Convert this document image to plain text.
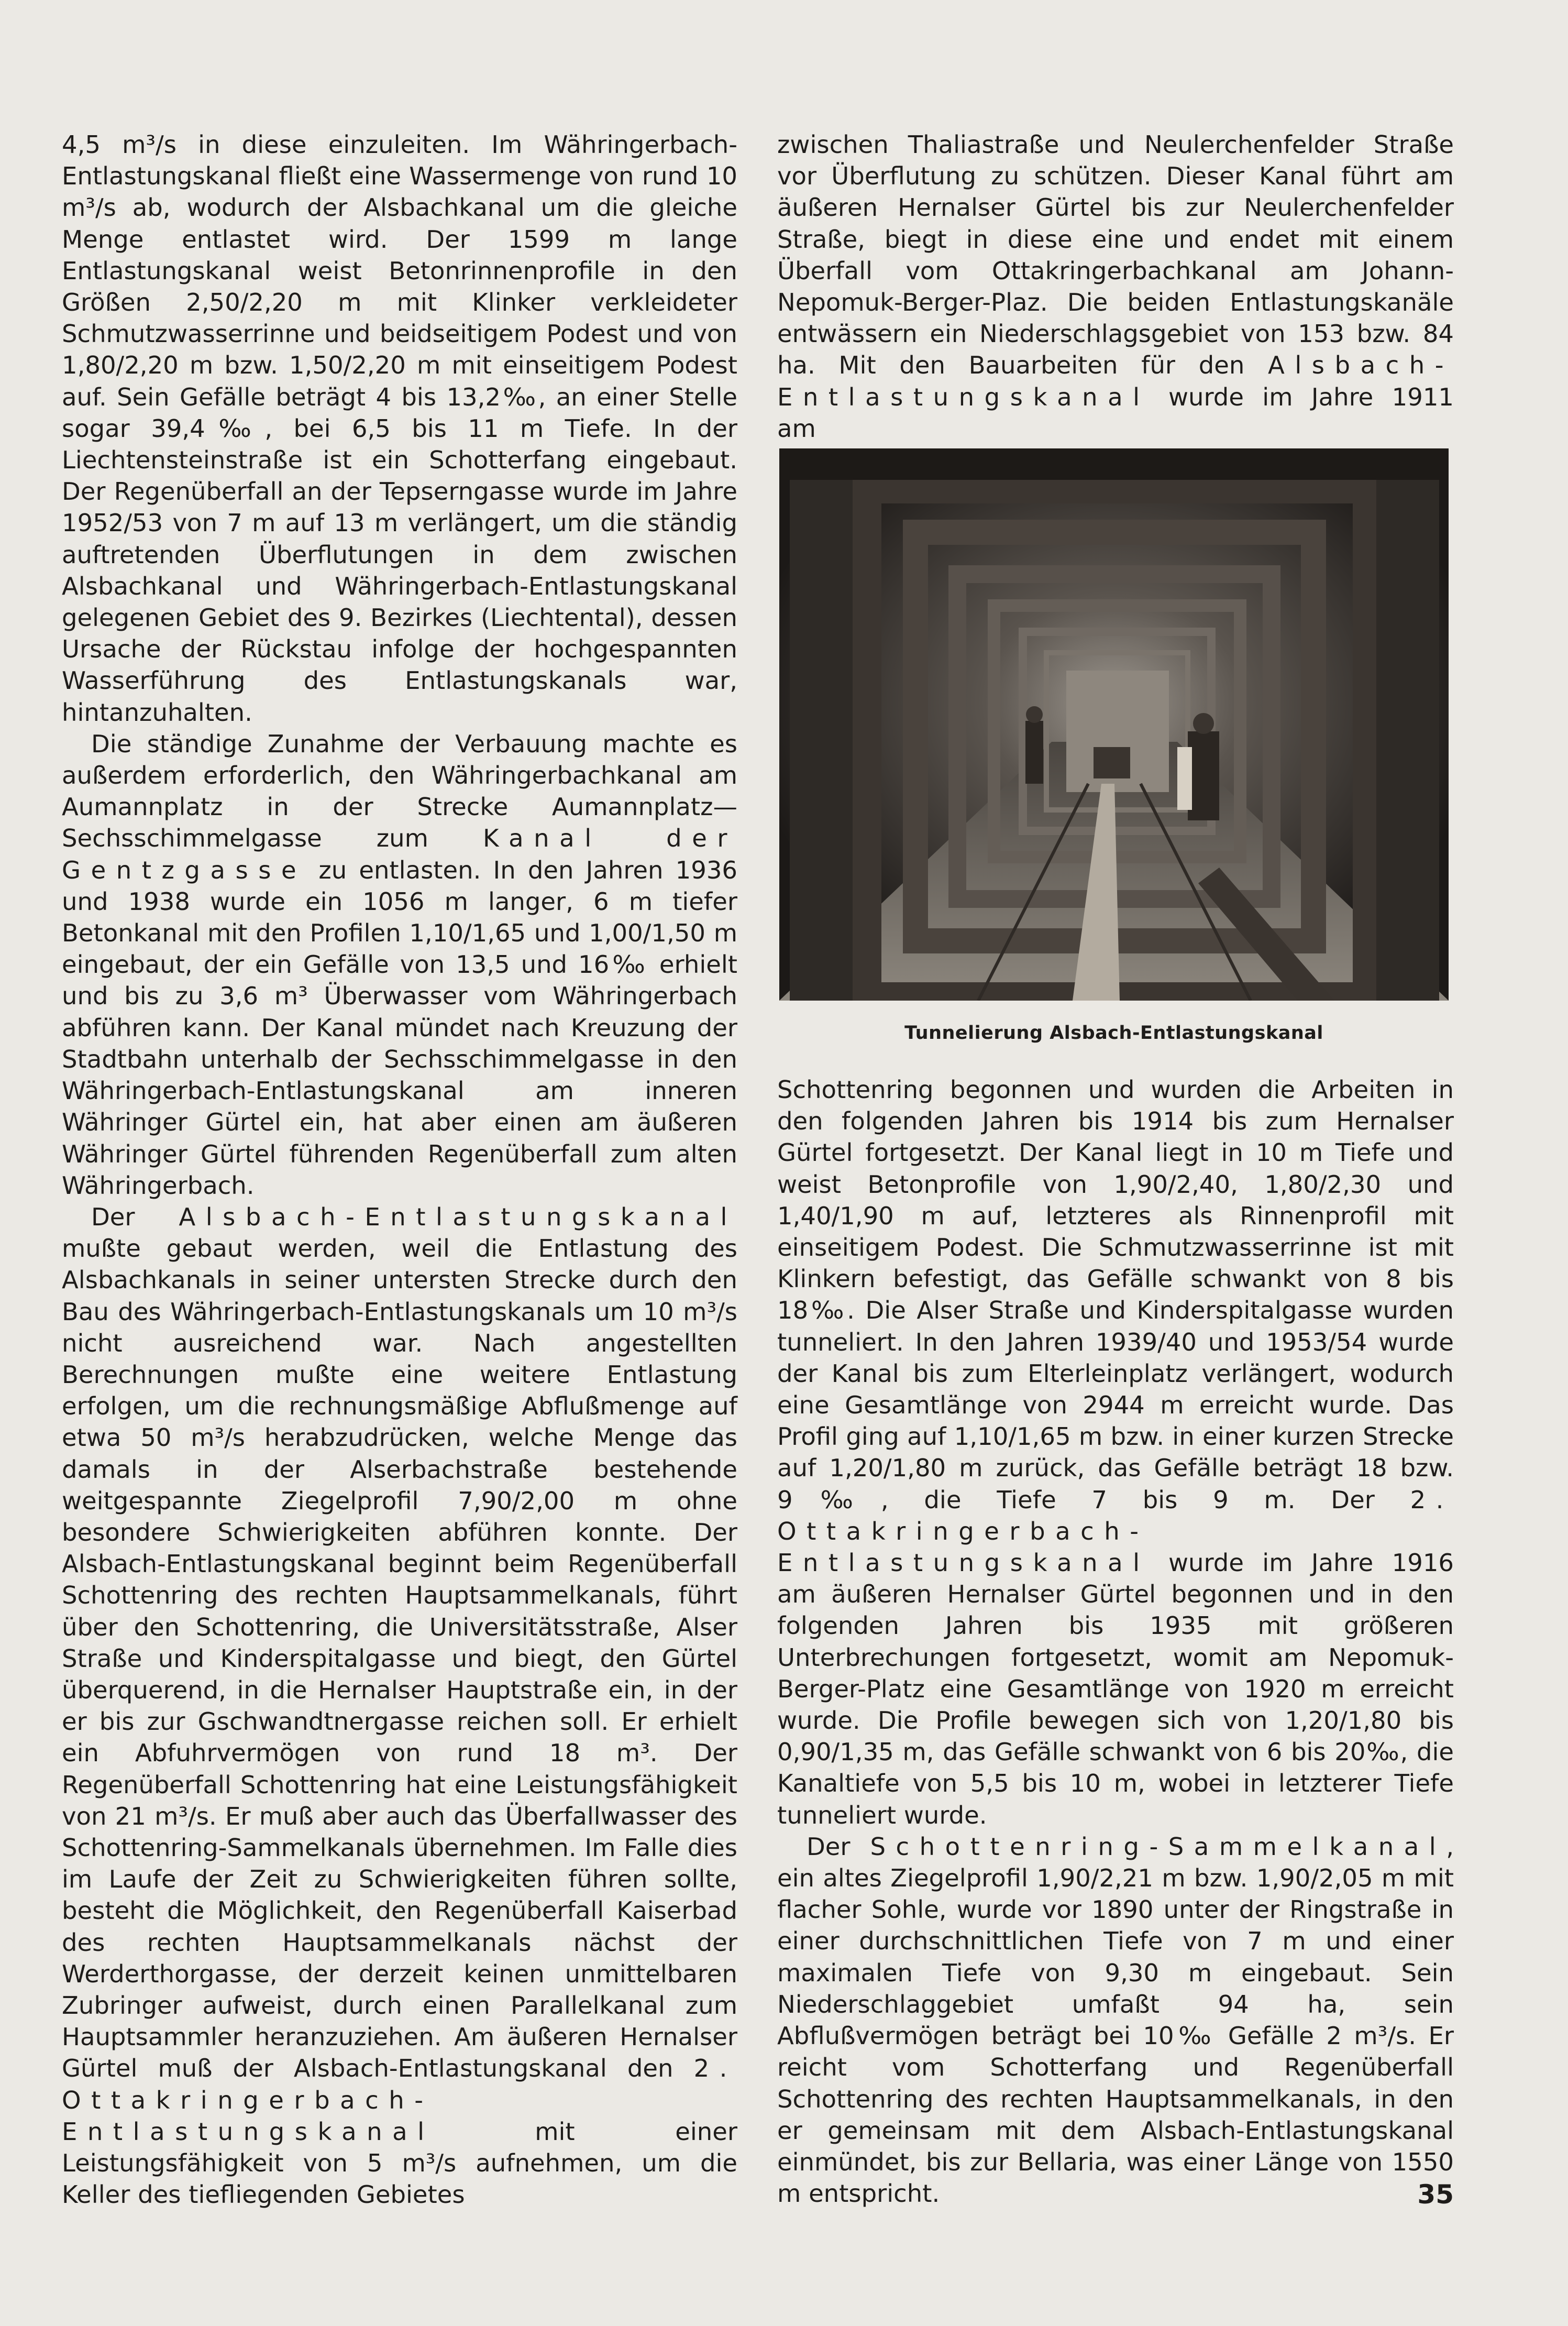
4,5 m³/s in diese einzuleiten. Im Währingerbach-Entlastungskanal fließt eine Wassermenge von rund 10 m³/s ab, wodurch der Alsbachkanal um die gleiche Menge entlastet wird. Der 1599 m lange Entlastungskanal weist Betonrinnenprofile in den Größen 2,50/2,20 m mit Klinker verkleideter Schmutzwasserrinne und beidseitigem Podest und von 1,80/2,20 m bzw. 1,50/2,20 m mit einseitigem Podest auf. Sein Gefälle beträgt 4 bis 13,2‰, an einer Stelle sogar 39,4‰, bei 6,5 bis 11 m Tiefe. In der Liechtensteinstraße ist ein Schotterfang eingebaut. Der Regenüberfall an der Tepserngasse wurde im Jahre 1952/53 von 7 m auf 13 m verlängert, um die ständig auftretenden Überflutungen in dem zwischen Alsbachkanal und Währingerbach-Entlastungskanal gelegenen Gebiet des 9. Bezirkes (Liechtental), dessen Ursache der Rückstau infolge der hochgespannten Wasserführung des Entlastungskanals war, hintanzuhalten.

Die ständige Zunahme der Verbauung machte es außerdem erforderlich, den Währingerbachkanal am Aumannplatz in der Strecke Aumannplatz—Sechsschimmelgasse zum Kanal der Gentzgasse zu entlasten. In den Jahren 1936 und 1938 wurde ein 1056 m langer, 6 m tiefer Betonkanal mit den Profilen 1,10/1,65 und 1,00/1,50 m eingebaut, der ein Gefälle von 13,5 und 16‰ erhielt und bis zu 3,6 m³ Überwasser vom Währingerbach abführen kann. Der Kanal mündet nach Kreuzung der Stadtbahn unterhalb der Sechsschimmelgasse in den Währingerbach-Entlastungskanal am inneren Währinger Gürtel ein, hat aber einen am äußeren Währinger Gürtel führenden Regenüberfall zum alten Währingerbach.

Der Alsbach-Entlastungskanal mußte gebaut werden, weil die Entlastung des Alsbachkanals in seiner untersten Strecke durch den Bau des Währingerbach-Entlastungskanals um 10 m³/s nicht ausreichend war. Nach angestellten Berechnungen mußte eine weitere Entlastung erfolgen, um die rechnungsmäßige Abflußmenge auf etwa 50 m³/s herabzudrücken, welche Menge das damals in der Alserbachstraße bestehende weitgespannte Ziegelprofil 7,90/2,00 m ohne besondere Schwierigkeiten abführen konnte. Der Alsbach-Entlastungskanal beginnt beim Regenüberfall Schottenring des rechten Hauptsammelkanals, führt über den Schottenring, die Universitätsstraße, Alser Straße und Kinderspitalgasse und biegt, den Gürtel überquerend, in die Hernalser Hauptstraße ein, in der er bis zur Gschwandtnergasse reichen soll. Er erhielt ein Abfuhrvermögen von rund 18 m³. Der Regenüberfall Schottenring hat eine Leistungsfähigkeit von 21 m³/s. Er muß aber auch das Überfallwasser des Schottenring-Sammelkanals übernehmen. Im Falle dies im Laufe der Zeit zu Schwierigkeiten führen sollte, besteht die Möglichkeit, den Regenüberfall Kaiserbad des rechten Hauptsammelkanals nächst der Werderthorgasse, der derzeit keinen unmittelbaren Zubringer aufweist, durch einen Parallelkanal zum Hauptsammler heranzuziehen. Am äußeren Hernalser Gürtel muß der Alsbach-Entlastungskanal den 2. Ottakringerbach-Entlastungskanal	mit einer Leistungsfähigkeit von 5 m³/s aufnehmen, um die Keller des tiefliegenden Gebietes

zwischen Thaliastraße und Neulerchenfelder Straße vor Überflutung zu schützen. Dieser Kanal führt am äußeren Hernalser Gürtel bis zur Neulerchenfelder Straße, biegt in diese eine und endet mit einem Überfall vom Ottakringerbachkanal am Johann-Nepomuk-Berger-Plaz. Die beiden Entlastungskanäle entwässern ein Niederschlagsgebiet von 153 bzw. 84 ha. Mit den Bauarbeiten für den Alsbach-Entlastungskanal wurde im Jahre 1911 am

Tunnelierung Alsbach-Entlastungskanal

Schottenring begonnen und wurden die Arbeiten in den folgenden Jahren bis 1914 bis zum Hernalser Gürtel fortgesetzt. Der Kanal liegt in 10 m Tiefe und weist Betonprofile von 1,90/2,40, 1,80/2,30 und 1,40/1,90 m auf, letzteres als Rinnenprofil mit einseitigem Podest. Die Schmutzwasserrinne ist mit Klinkern befestigt, das Gefälle schwankt von 8 bis 18‰. Die Alser Straße und Kinderspitalgasse wurden tunneliert. In den Jahren 1939/40 und 1953/54 wurde der Kanal bis zum Elterleinplatz verlängert, wodurch eine Gesamtlänge von 2944 m erreicht wurde. Das Profil ging auf 1,10/1,65 m bzw. in einer kurzen Strecke auf 1,20/1,80 m zurück, das Gefälle beträgt 18 bzw. 9‰, die Tiefe 7 bis 9 m. Der 2. Ottakringerbach-Entlastungskanal wurde im Jahre 1916 am äußeren Hernalser Gürtel begonnen und in den folgenden Jahren bis 1935 mit größeren Unterbrechungen fortgesetzt, womit am Nepomuk-Berger-Platz eine Gesamtlänge von 1920 m erreicht wurde. Die Profile bewegen sich von 1,20/1,80 bis 0,90/1,35 m, das Gefälle schwankt von 6 bis 20‰, die Kanaltiefe von 5,5 bis 10 m, wobei in letzterer Tiefe tunneliert wurde.

Der Schottenring-Sammelkanal, ein altes Ziegelprofil 1,90/2,21 m bzw. 1,90/2,05 m mit flacher Sohle, wurde vor 1890 unter der Ringstraße in einer durchschnittlichen Tiefe von 7 m und einer maximalen Tiefe von 9,30 m eingebaut. Sein Niederschlaggebiet umfaßt 94 ha, sein Abflußvermögen beträgt bei 10‰ Gefälle 2 m³/s. Er reicht vom Schotterfang und Regenüberfall Schottenring des rechten Hauptsammelkanals, in den er gemeinsam mit dem Alsbach-Entlastungskanal einmündet, bis zur Bellaria, was einer Länge von 1550 m entspricht.	35
